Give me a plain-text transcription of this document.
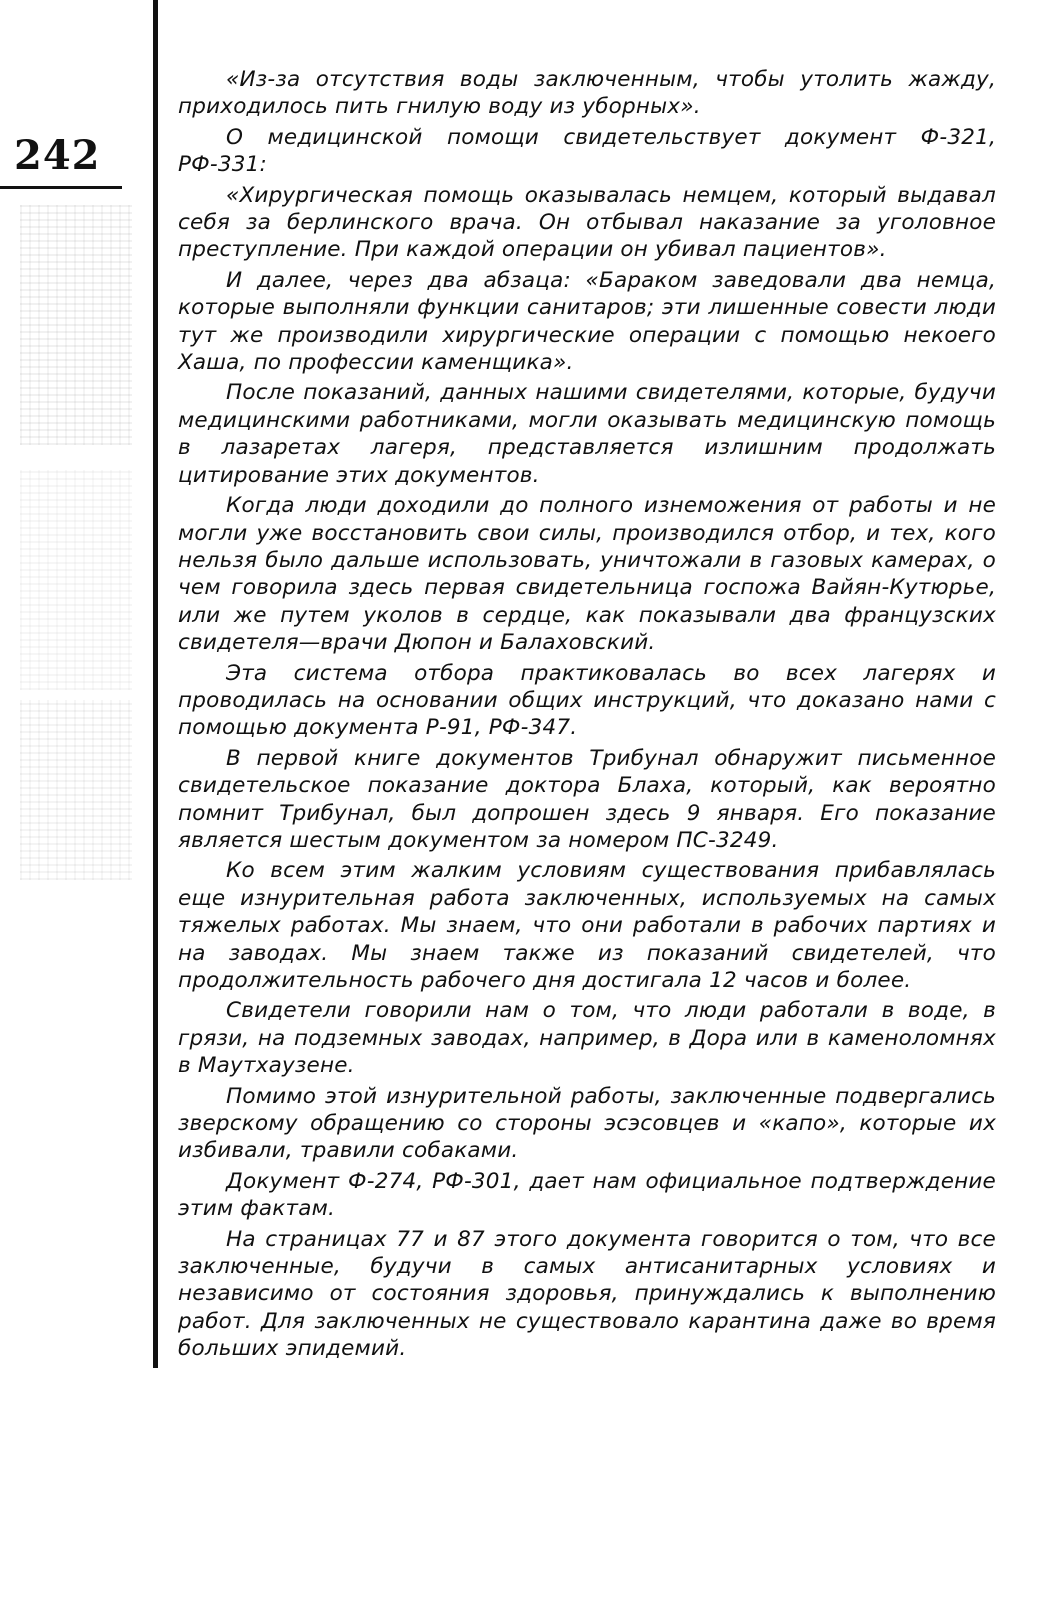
242

«Из-за отсутствия воды заключенным, чтобы утолить жажду, приходилось пить гнилую воду из уборных».

О медицинской помощи свидетельствует документ Ф-321, РФ-331:

«Хирургическая помощь оказывалась немцем, который выдавал себя за берлинского врача. Он отбывал наказание за уголовное преступление. При каждой операции он убивал пациентов».

И далее, через два абзаца: «Бараком заведовали два немца, которые выполняли функции санитаров; эти лишенные совести люди тут же производили хирургические операции с помощью некоего Хаша, по профессии каменщика».

После показаний, данных нашими свидетелями, которые, будучи медицинскими работниками, могли оказывать медицинскую помощь в лазаретах лагеря, представляется излишним продолжать цитирование этих документов.

Когда люди доходили до полного изнеможения от работы и не могли уже восстановить свои силы, производился отбор, и тех, кого нельзя было дальше использовать, уничтожали в газовых камерах, о чем говорила здесь первая свидетельница госпожа Вайян-Кутюрье, или же путем уколов в сердце, как показывали два французских свидетеля—врачи Дюпон и Балаховский.

Эта система отбора практиковалась во всех лагерях и проводилась на основании общих инструкций, что доказано нами с помощью документа Р-91, РФ-347.

В первой книге документов Трибунал обнаружит письменное свидетельское показание доктора Блаха, который, как вероятно помнит Трибунал, был допрошен здесь 9 января. Его показание является шестым документом за номером ПС-3249.

Ко всем этим жалким условиям существования прибавлялась еще изнурительная работа заключенных, используемых на самых тяжелых работах. Мы знаем, что они работали в рабочих партиях и на заводах. Мы знаем также из показаний свидетелей, что продолжительность рабочего дня достигала 12 часов и более.

Свидетели говорили нам о том, что люди работали в воде, в грязи, на подземных заводах, например, в Дора или в каменоломнях в Маутхаузене.

Помимо этой изнурительной работы, заключенные подвергались зверскому обращению со стороны эсэсовцев и «капо», которые их избивали, травили собаками.

Документ Ф-274, РФ-301, дает нам официальное подтверждение этим фактам.

На страницах 77 и 87 этого документа говорится о том, что все заключенные, будучи в самых антисанитарных условиях и независимо от состояния здоровья, принуждались к выполнению работ. Для заключенных не существовало карантина даже во время больших эпидемий.
